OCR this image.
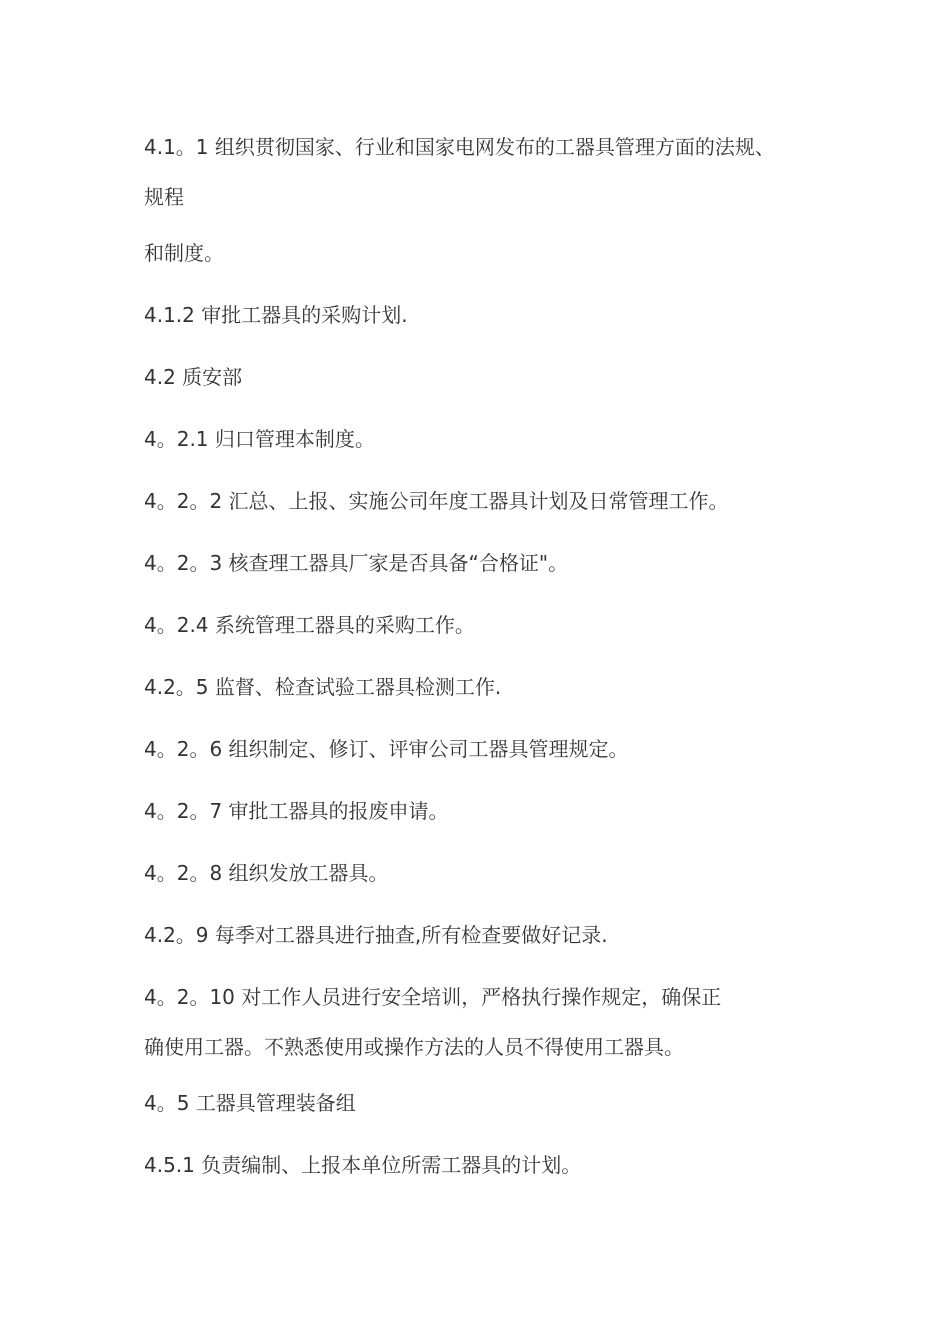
4.1。1 组织贯彻国家、行业和国家电网发布的工器具管理方面的法规、
规程

和制度。

4.1.2 审批工器具的采购计划.

4.2 质安部

4。2.1 归口管理本制度。

4。2。2 汇总、上报、实施公司年度工器具计划及日常管理工作。

4。2。3 核查理工器具厂家是否具备“合格证"。

4。2.4 系统管理工器具的采购工作。

4.2。5 监督、检查试验工器具检测工作.

4。2。6 组织制定、修订、评审公司工器具管理规定。

4。2。7 审批工器具的报废申请。

4。2。8 组织发放工器具。

4.2。9 每季对工器具进行抽查,所有检查要做好记录.

4。2。10 对工作人员进行安全培训，严格执行操作规定，确保正
确使用工器。不熟悉使用或操作方法的人员不得使用工器具。

4。5 工器具管理装备组

4.5.1 负责编制、上报本单位所需工器具的计划。
